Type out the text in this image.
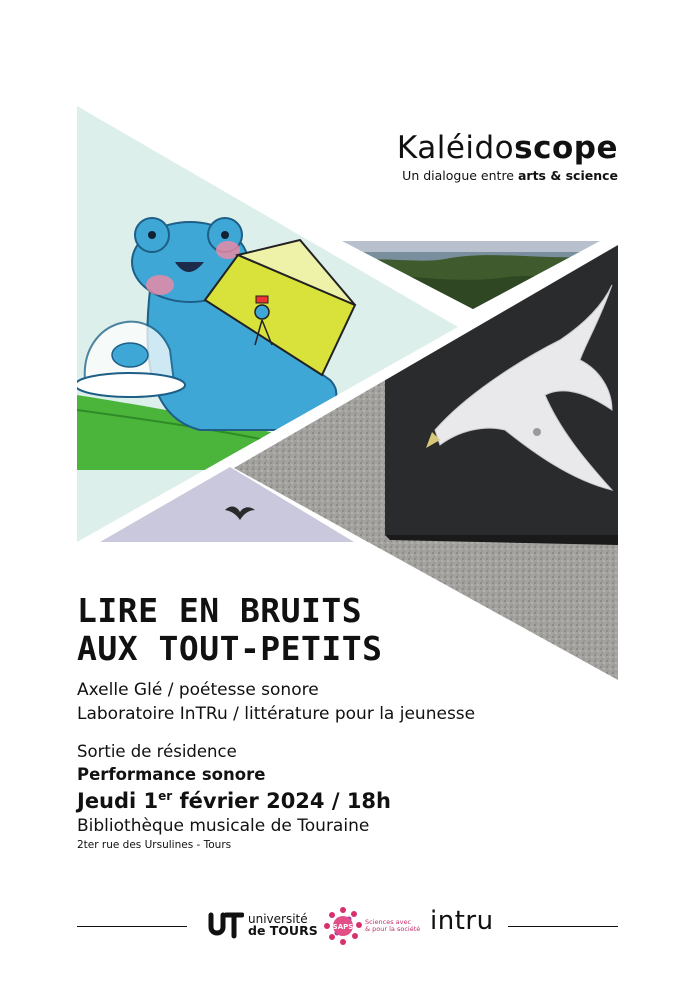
Kaléidoscope
Un dialogue entre arts & science
LIRE EN BRUITS
AUX TOUT-PETITS
Axelle Glé / poétesse sonore
Laboratoire InTRu / littérature pour la jeunesse
Sortie de résidence
Performance sonore
Jeudi 1er février 2024 / 18h
Bibliothèque musicale de Touraine
2ter rue des Ursulines - Tours
université
de TOURS SAPS
Sciences avec
& pour la société intru
